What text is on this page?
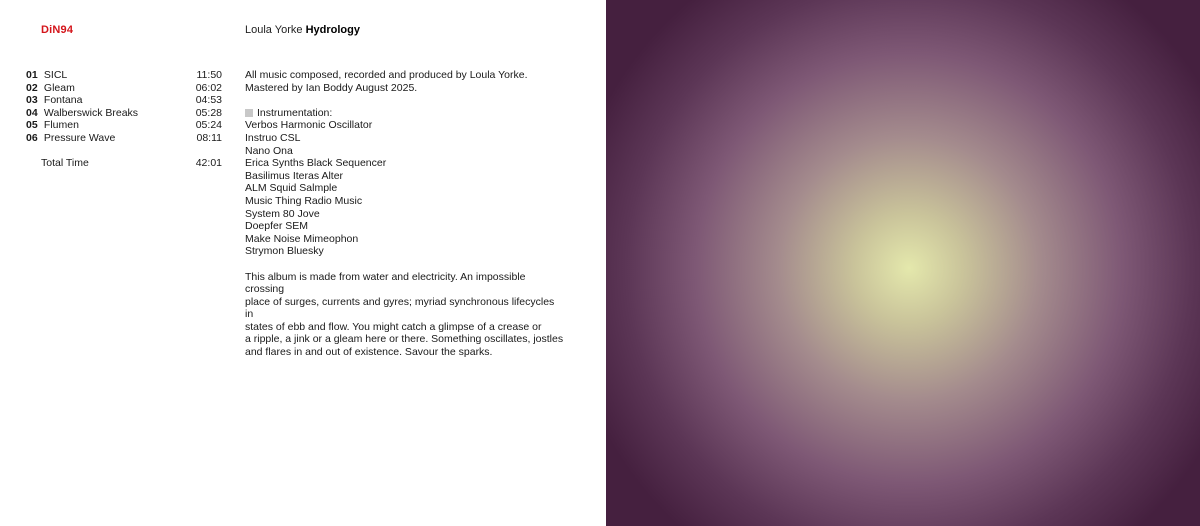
DiN94	Loula Yorke Hydrology
01 SICL	11:50
02 Gleam	06:02
03 Fontana	04:53
04 Walberswick Breaks	05:28
05 Flumen	05:24
06 Pressure Wave	08:11
Total Time	42:01

All music composed, recorded and produced by Loula Yorke.

Mastered by Ian Boddy August 2025.

Instrumentation:
Verbos Harmonic Oscillator
Instruo CSL
Nano Ona
Erica Synths Black Sequencer
Basilimus Iteras Alter
ALM Squid Salmple
Music Thing Radio Music
System 80 Jove
Doepfer SEM
Make Noise Mimeophon
Strymon Bluesky
This album is made from water and electricity. An impossible crossing
place of surges, currents and gyres; myriad synchronous lifecycles in
states of ebb and flow. You might catch a glimpse of a crease or
a ripple, a jink or a gleam here or there. Something oscillates, jostles
and flares in and out of existence. Savour the sparks.
